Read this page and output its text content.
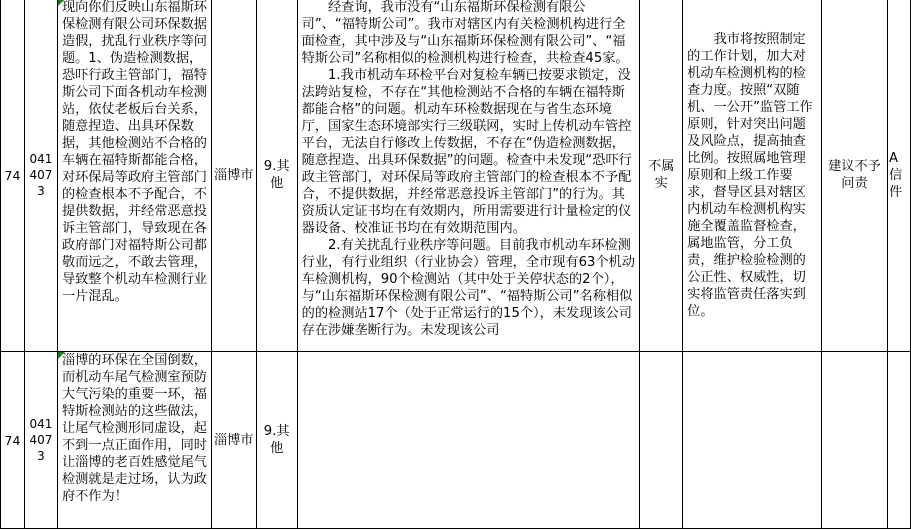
74	0414073	现向你们反映山东福斯环保检测有限公司环保数据造假，扰乱行业秩序等问题。1、伪造检测数据，恐吓行政主管部门，福特斯公司下面各机动车检测站，依仗老板后台关系，随意捏造、出具环保数据，其他检测站不合格的车辆在福特斯都能合格，对环保局等政府主管部门的检查根本不予配合，不提供数据，并经常恶意投诉主管部门，导致现在各政府部门对福特斯公司都敬而远之，不敢去管理，导致整个机动车检测行业一片混乱。	淄博市	9.其他	经查询，我市没有“山东福斯环保检测有限公司”、“福特斯公司”。我市对辖区内有关检测机构进行全面检查，其中涉及与“山东福斯环保检测有限公司”、“福特斯公司”名称相似的检测机构进行检查，共检查45家。

1.我市机动车环检平台对复检车辆已按要求锁定，没法跨站复检，不存在“其他检测站不合格的车辆在福特斯都能合格”的问题。机动车环检数据现在与省生态环境厅，国家生态环境部实行三级联网，实时上传机动车管控平台，无法自行修改上传数据，不存在“伪造检测数据，随意捏造、出具环保数据”的问题。检查中未发现“恐吓行政主管部门，对环保局等政府主管部门的检查根本不予配合，不提供数据，并经常恶意投诉主管部门”的行为。其资质认定证书均在有效期内，所用需要进行计量检定的仪器设备、校准证书均在有效期范围内。

2.有关扰乱行业秩序等问题。目前我市机动车环检测行业，有行业组织（行业协会）管理，全市现有63个机动车检测机构，90个检测站（其中处于关停状态的2个），与“山东福斯环保检测有限公司”、“福特斯公司”名称相似的的检测站17个（处于正常运行的15个），未发现该公司存在涉嫌垄断行为。未发现该公司	不属实	我市将按照制定的工作计划，加大对机动车检测机构的检查力度。按照“双随机、一公开”监管工作原则，针对突出问题及风险点，提高抽查比例。按照属地管理原则和上级工作要求，督导区县对辖区内机动车检测机构实施全覆盖监督检查，属地监管，分工负责，维护检验检测的公正性、权威性，切实将监管责任落实到位。	建议不予问责	A信件
74	0414073	淄博的环保在全国倒数，而机动车尾气检测室预防大气污染的重要一环，福特斯检测站的这些做法，让尾气检测形同虚设，起不到一点正面作用，同时让淄博的老百姓感觉尾气检测就是走过场，认为政府不作为！	淄博市	9.其他					
